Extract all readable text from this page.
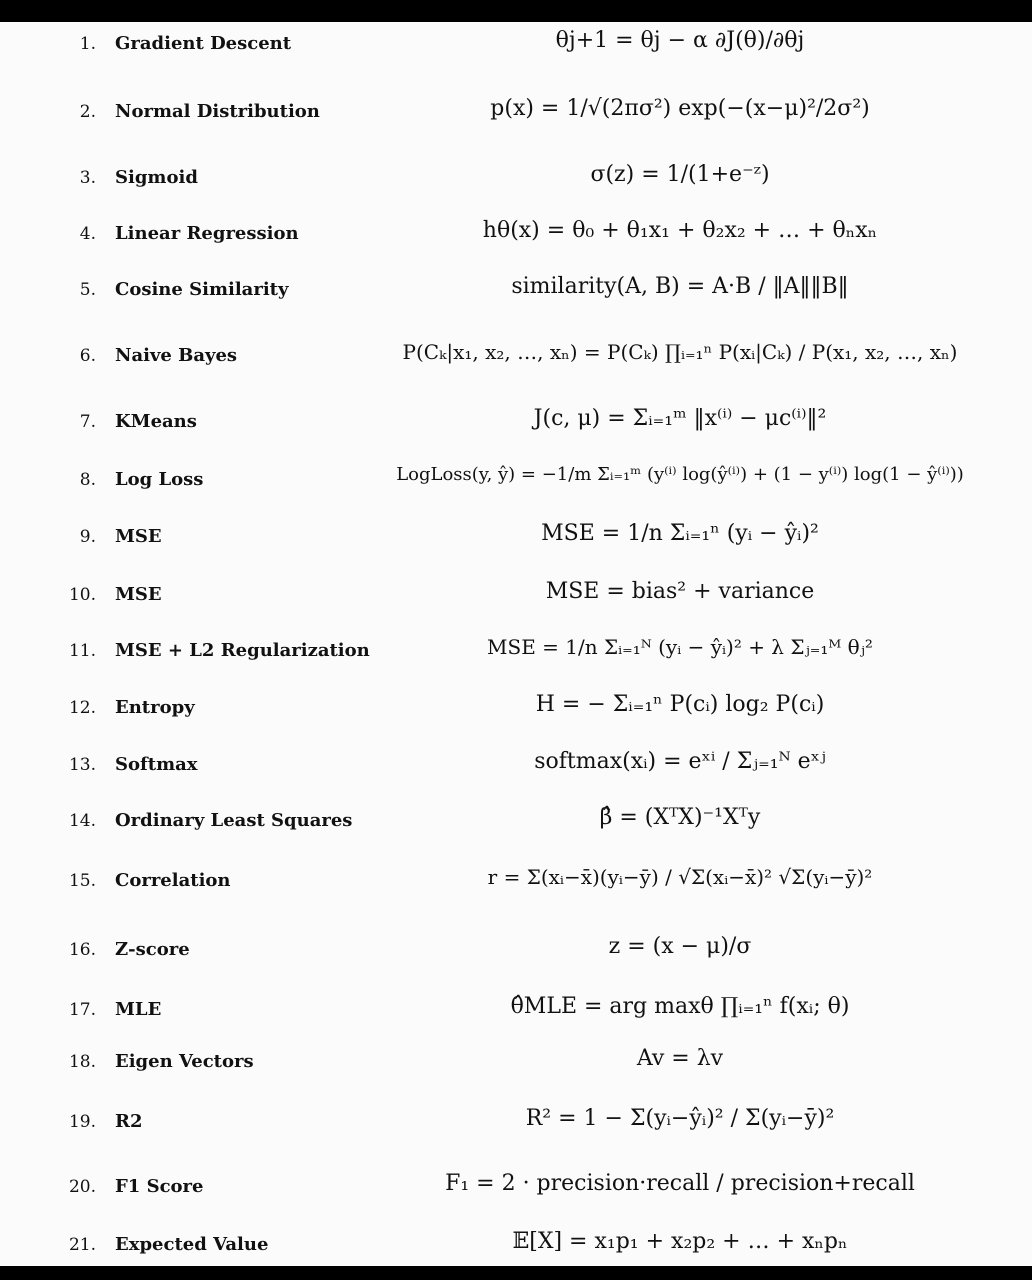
1. Gradient Descent	θj+1 = θj − α ∂J(θ)/∂θj
2. Normal Distribution	p(x) = 1/√(2πσ²) exp(−(x−μ)²/2σ²)
3. Sigmoid	σ(z) = 1/(1+e⁻ᶻ)
4. Linear Regression	hθ(x) = θ₀ + θ₁x₁ + θ₂x₂ + … + θₙxₙ
5. Cosine Similarity	similarity(A, B) = A·B / ‖A‖‖B‖
6. Naive Bayes	P(Cₖ|x₁, x₂, …, xₙ) = P(Cₖ) ∏ᵢ₌₁ⁿ P(xᵢ|Cₖ) / P(x₁, x₂, …, xₙ)
7. KMeans	J(c, μ) = Σᵢ₌₁ᵐ ‖x⁽ⁱ⁾ − μc⁽ⁱ⁾‖²
8. Log Loss	LogLoss(y, ŷ) = −1/m Σᵢ₌₁ᵐ (y⁽ⁱ⁾ log(ŷ⁽ⁱ⁾) + (1 − y⁽ⁱ⁾) log(1 − ŷ⁽ⁱ⁾))
9. MSE	MSE = 1/n Σᵢ₌₁ⁿ (yᵢ − ŷᵢ)²
10. MSE	MSE = bias² + variance
11. MSE + L2 Regularization	MSE = 1/n Σᵢ₌₁ᴺ (yᵢ − ŷᵢ)² + λ Σⱼ₌₁ᴹ θⱼ²
12. Entropy	H = − Σᵢ₌₁ⁿ P(cᵢ) log₂ P(cᵢ)
13. Softmax	softmax(xᵢ) = eˣⁱ / Σⱼ₌₁ᴺ eˣʲ
14. Ordinary Least Squares	β̂ = (XᵀX)⁻¹Xᵀy
15. Correlation	r = Σ(xᵢ−x̄)(yᵢ−ȳ) / √Σ(xᵢ−x̄)² √Σ(yᵢ−ȳ)²
16. Z-score	z = (x − μ)/σ
17. MLE	θ̂MLE = arg maxθ ∏ᵢ₌₁ⁿ f(xᵢ; θ)
18. Eigen Vectors	Av = λv
19. R2	R² = 1 − Σ(yᵢ−ŷᵢ)² / Σ(yᵢ−ȳ)²
20. F1 Score	F₁ = 2 · precision·recall / precision+recall
21. Expected Value	𝔼[X] = x₁p₁ + x₂p₂ + … + xₙpₙ
